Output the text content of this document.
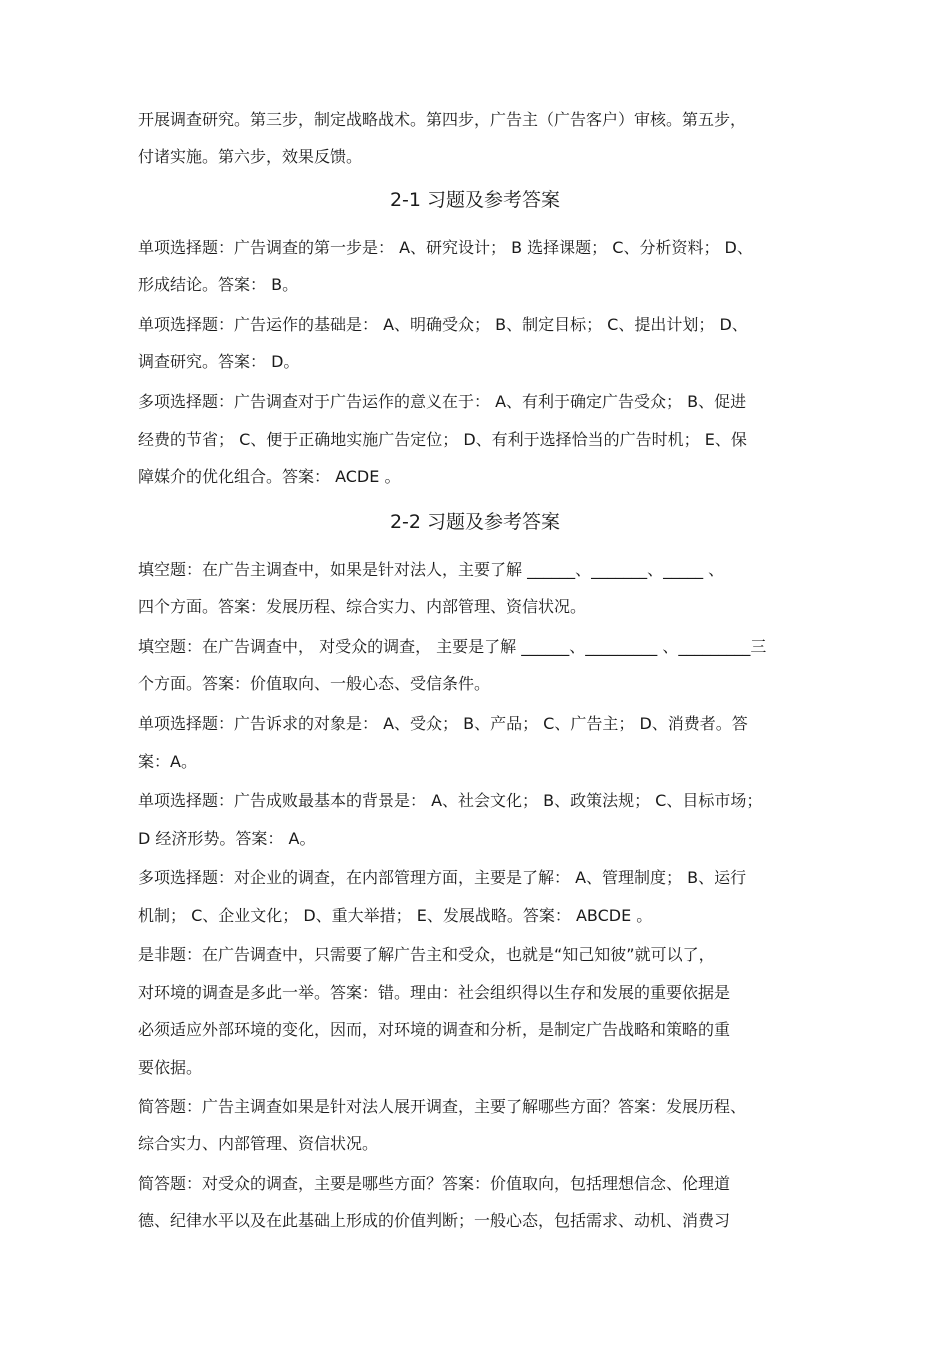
开展调查研究。第三步，制定战略战术。第四步，广告主（广告客户）审核。第五步，
付诸实施。第六步，效果反馈。
2-1 习题及参考答案
单项选择题：广告调查的第一步是： A、研究设计； B 选择课题； C、分析资料； D、
形成结论。答案： B。
单项选择题：广告运作的基础是： A、明确受众； B、制定目标； C、提出计划； D、
调查研究。答案： D。
多项选择题：广告调查对于广告运作的意义在于： A、有利于确定广告受众； B、促进
经费的节省； C、便于正确地实施广告定位； D、有利于选择恰当的广告时机； E、保
障媒介的优化组合。答案： ACDE 。
2-2 习题及参考答案
填空题：在广告主调查中，如果是针对法人，主要了解 ______、_______、_____ 、
四个方面。答案：发展历程、综合实力、内部管理、资信状况。
填空题：在广告调查中， 对受众的调查， 主要是了解 ______、_________ 、_________三
个方面。答案：价值取向、一般心态、受信条件。
单项选择题：广告诉求的对象是： A、受众； B、产品； C、广告主； D、消费者。答
案：A。
单项选择题：广告成败最基本的背景是： A、社会文化； B、政策法规； C、目标市场；
D 经济形势。答案： A。
多项选择题：对企业的调查，在内部管理方面，主要是了解： A、管理制度； B、运行
机制； C、企业文化； D、重大举措； E、发展战略。答案： ABCDE 。
是非题：在广告调查中，只需要了解广告主和受众，也就是“知己知彼”就可以了，
对环境的调查是多此一举。答案：错。理由：社会组织得以生存和发展的重要依据是
必须适应外部环境的变化，因而，对环境的调查和分析，是制定广告战略和策略的重
要依据。
简答题：广告主调查如果是针对法人展开调查，主要了解哪些方面？答案：发展历程、
综合实力、内部管理、资信状况。
简答题：对受众的调查，主要是哪些方面？答案：价值取向，包括理想信念、伦理道
德、纪律水平以及在此基础上形成的价值判断；一般心态，包括需求、动机、消费习
